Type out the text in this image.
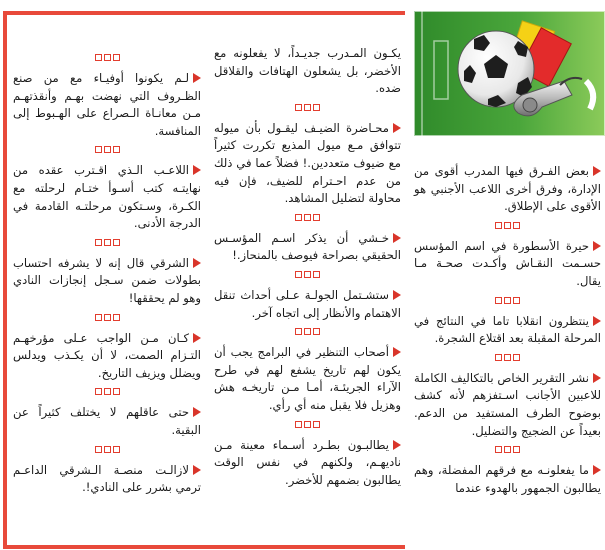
لـم يكونوا أوفيـاء مع من صنع الظـروف التي نهضت بهـم وأنقذتهـم مـن معانـاة الـصراع على الهـبوط إلى المنافسة.
اللاعـب الـذي اقـترب عقده من نهايتـه كتب أسـوأ ختـام لرحلته مع الكـرة، وسـتكون مرحلتـه القادمة في الدرجة الأدنى.
الشرقي قال إنه لا يشرفه احتساب بطولات ضمن سـجل إنجازات النادي وهو لم يحققها!
كـان مـن الواجب عـلى مؤرخهـم التـزام الصمت، لا أن يكـذب ويدلس ويضلل ويزيف التاريخ.
حتى عاقلهم لا يختلف كثيراً عن البقية.
لازالـت منصـة الـشرقي الداعـم ترمي بشرر على النادي!.
يكـون المـدرب جديـداً، لا يفعلونه مع الأخضر، بل يشعلون الهتافات والقلاقل ضده.
محـاضرة الضيـف ليقـول بأن ميوله تتوافق مـع ميول المذيع تكررت كثيراً مع ضيوف متعددين.! فضلاً عما في ذلك من عدم احـترام للضيف، فإن فيه محاولة لتضليل المشاهد.
خـشي أن يذكر اسـم المؤسـس الحقيقي بصراحة فيوصف بالمنحاز.!
ستشـتمل الجولـة عـلى أحداث تنقل الاهتمام والأنظار إلى اتجاه آخر.
أصحاب التنظير في البرامج يجب أن يكون لهم تاريخ يشفع لهم في طرح الآراء الجريئـة، أمـا مـن تاريخـه هش وهزيل فلا يقبل منه أي رأي.
يطالبـون بطـرد أسـماء معينة مـن ناديهـم، ولكنهم في نفس الوقت يطالبون بضمهم للأخضر.
بعض الفـرق فيها المدرب أقوى من الإدارة، وفرق أخرى اللاعب الأجنبي هو الأقوى على الإطلاق.
حيرة الأسطورة في اسم المؤسس حسـمت النقـاش وأكـدت صحـة مـا يقال.
ينتظرون انقلابا تاما في النتائج في المرحلة المقبلة بعد اقتلاع الشجرة.
نشر التقرير الخاص بالتكاليف الكاملة للاعبين الأجانب اسـتفزهم لأنه كشف بوضوح الطرف المستفيد من الدعم. بعيداً عن الضجيج والتضليل.
ما يفعلونـه مع فرقهم المفضلة، وهم يطالبون الجمهور بالهدوء عندما
